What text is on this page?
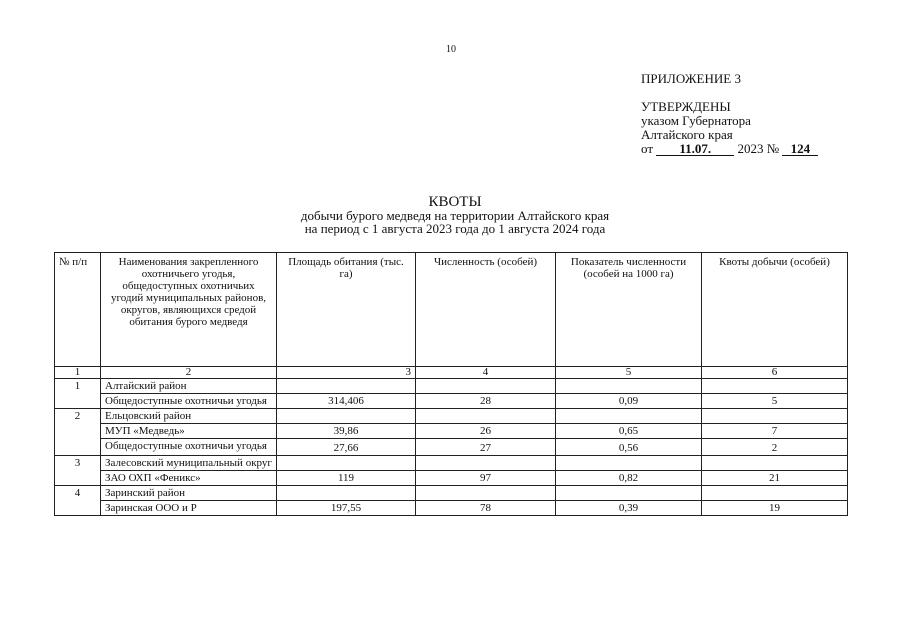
10
ПРИЛОЖЕНИЕ 3
УТВЕРЖДЕНЫ
указом Губернатора
Алтайского края
от 11.07. 2023 № 124
КВОТЫ
добычи бурого медведя на территории Алтайского края
на период с 1 августа 2023 года до 1 августа 2024 года
№ п/п	Наименования закрепленного охотничьего угодья, общедоступных охотничьих угодий муниципальных районов, округов, являющихся средой обитания бурого медведя	Площадь обитания (тыс. га)	Численность (особей)	Показатель численности (особей на 1000 га)	Квоты добычи (особей)
1	2	3	4	5	6
1	Алтайский район				
	Общедоступные охотничьи угодья	314,406	28	0,09	5
2	Ельцовский район				
	МУП «Медведь»	39,86	26	0,65	7
	Общедоступные охотничьи угодья	27,66	27	0,56	2
3	Залесовский муниципальный округ				
	ЗАО ОХП «Феникс»	119	97	0,82	21
4	Заринский район				
	Заринская ООО и Р	197,55	78	0,39	19
